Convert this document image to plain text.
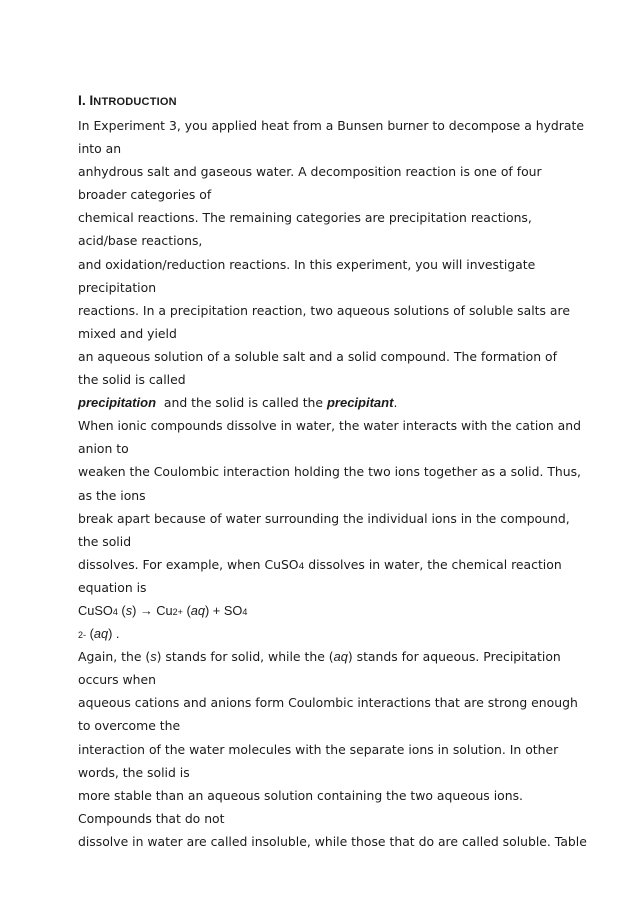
I. INTRODUCTION
In Experiment 3, you applied heat from a Bunsen burner to decompose a hydrate
into an
anhydrous salt and gaseous water. A decomposition reaction is one of four
broader categories of
chemical reactions. The remaining categories are precipitation reactions,
acid/base reactions,
and oxidation/reduction reactions. In this experiment, you will investigate
precipitation
reactions. In a precipitation reaction, two aqueous solutions of soluble salts are
mixed and yield
an aqueous solution of a soluble salt and a solid compound. The formation of
the solid is called
precipitation  and the solid is called the precipitant.
When ionic compounds dissolve in water, the water interacts with the cation and
anion to
weaken the Coulombic interaction holding the two ions together as a solid. Thus,
as the ions
break apart because of water surrounding the individual ions in the compound,
the solid
dissolves. For example, when CuSO4 dissolves in water, the chemical reaction
equation is
CuSO4 (s) → Cu2+ (aq) + SO4
2- (aq) .
Again, the (s) stands for solid, while the (aq) stands for aqueous. Precipitation
occurs when
aqueous cations and anions form Coulombic interactions that are strong enough
to overcome the
interaction of the water molecules with the separate ions in solution. In other
words, the solid is
more stable than an aqueous solution containing the two aqueous ions.
Compounds that do not
dissolve in water are called insoluble, while those that do are called soluble. Table
